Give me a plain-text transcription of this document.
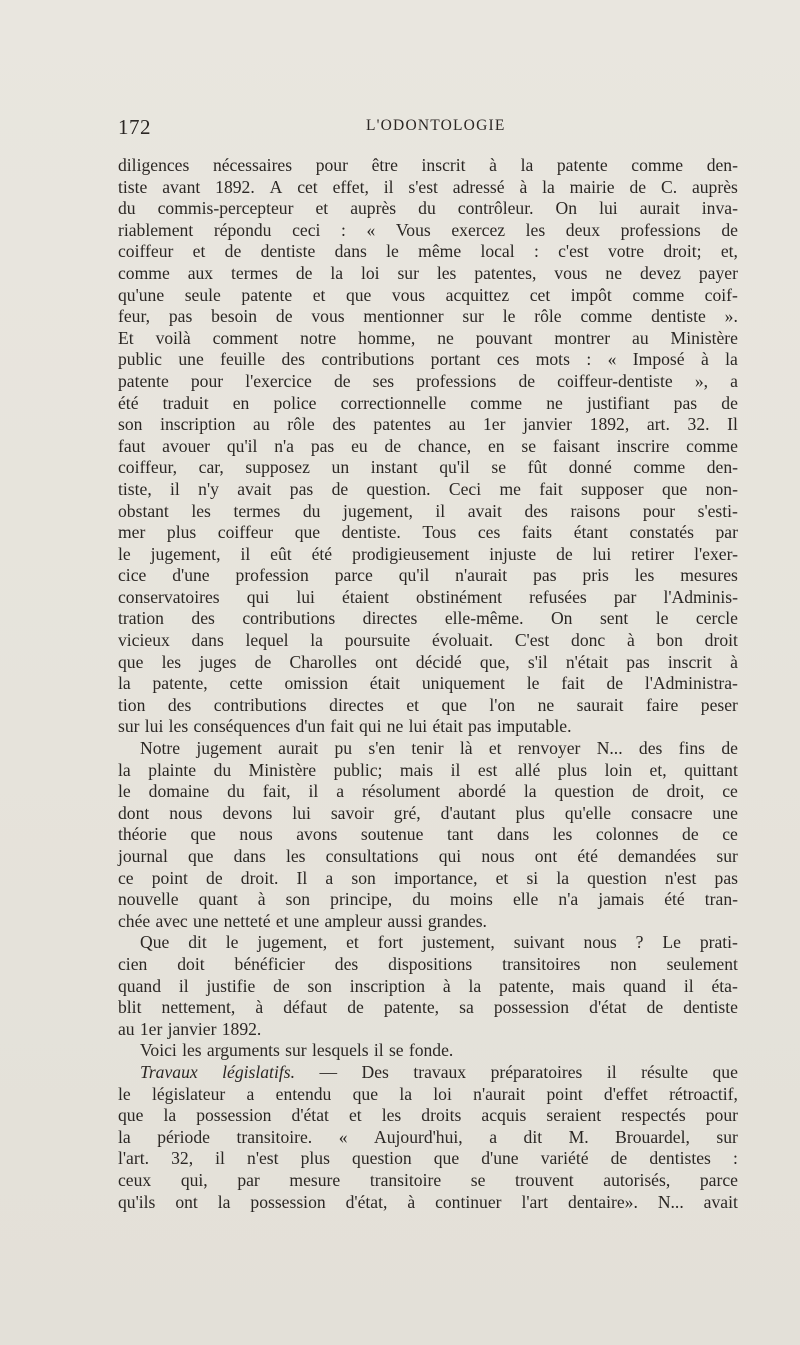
172	L'ODONTOLOGIE
diligences nécessaires pour être inscrit à la patente comme den-
tiste avant 1892. A cet effet, il s'est adressé à la mairie de C. auprès
du commis-percepteur et auprès du contrôleur. On lui aurait inva-
riablement répondu ceci : « Vous exercez les deux professions de
coiffeur et de dentiste dans le même local : c'est votre droit; et,
comme aux termes de la loi sur les patentes, vous ne devez payer
qu'une seule patente et que vous acquittez cet impôt comme coif-
feur, pas besoin de vous mentionner sur le rôle comme dentiste ».
Et voilà comment notre homme, ne pouvant montrer au Ministère
public une feuille des contributions portant ces mots : « Imposé à la
patente pour l'exercice de ses professions de coiffeur-dentiste », a
été traduit en police correctionnelle comme ne justifiant pas de
son inscription au rôle des patentes au 1er janvier 1892, art. 32. Il
faut avouer qu'il n'a pas eu de chance, en se faisant inscrire comme
coiffeur, car, supposez un instant qu'il se fût donné comme den-
tiste, il n'y avait pas de question. Ceci me fait supposer que non-
obstant les termes du jugement, il avait des raisons pour s'esti-
mer plus coiffeur que dentiste. Tous ces faits étant constatés par
le jugement, il eût été prodigieusement injuste de lui retirer l'exer-
cice d'une profession parce qu'il n'aurait pas pris les mesures
conservatoires qui lui étaient obstinément refusées par l'Adminis-
tration des contributions directes elle-même. On sent le cercle
vicieux dans lequel la poursuite évoluait. C'est donc à bon droit
que les juges de Charolles ont décidé que, s'il n'était pas inscrit à
la patente, cette omission était uniquement le fait de l'Administra-
tion des contributions directes et que l'on ne saurait faire peser
sur lui les conséquences d'un fait qui ne lui était pas imputable.
Notre jugement aurait pu s'en tenir là et renvoyer N... des fins de
la plainte du Ministère public; mais il est allé plus loin et, quittant
le domaine du fait, il a résolument abordé la question de droit, ce
dont nous devons lui savoir gré, d'autant plus qu'elle consacre une
théorie que nous avons soutenue tant dans les colonnes de ce
journal que dans les consultations qui nous ont été demandées sur
ce point de droit. Il a son importance, et si la question n'est pas
nouvelle quant à son principe, du moins elle n'a jamais été tran-
chée avec une netteté et une ampleur aussi grandes.
Que dit le jugement, et fort justement, suivant nous ? Le prati-
cien doit bénéficier des dispositions transitoires non seulement
quand il justifie de son inscription à la patente, mais quand il éta-
blit nettement, à défaut de patente, sa possession d'état de dentiste
au 1er janvier 1892.
Voici les arguments sur lesquels il se fonde.
Travaux législatifs. — Des travaux préparatoires il résulte que
le législateur a entendu que la loi n'aurait point d'effet rétroactif,
que la possession d'état et les droits acquis seraient respectés pour
la période transitoire. « Aujourd'hui, a dit M. Brouardel, sur
l'art. 32, il n'est plus question que d'une variété de dentistes :
ceux qui, par mesure transitoire se trouvent autorisés, parce
qu'ils ont la possession d'état, à continuer l'art dentaire». N... avait
